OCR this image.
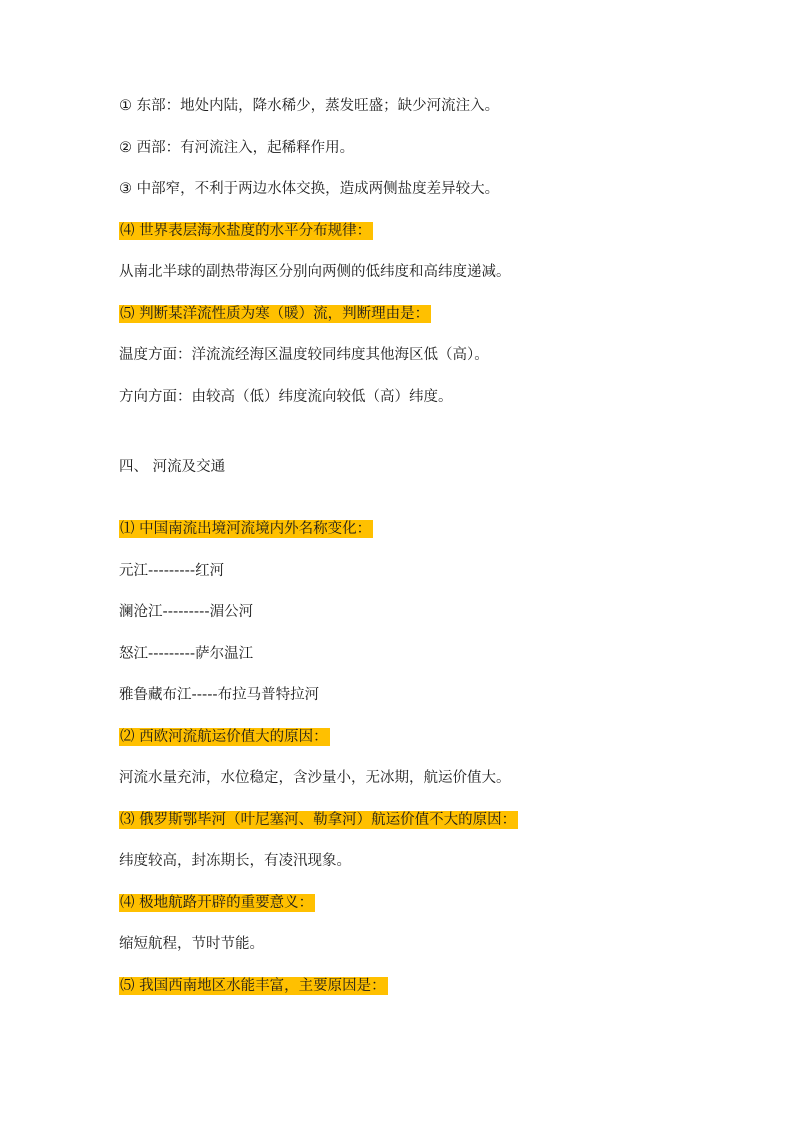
① 东部：地处内陆，降水稀少，蒸发旺盛；缺少河流注入。

② 西部：有河流注入，起稀释作用。

③ 中部窄，不利于两边水体交换，造成两侧盐度差异较大。

⑷ 世界表层海水盐度的水平分布规律：

从南北半球的副热带海区分别向两侧的低纬度和高纬度递减。

⑸ 判断某洋流性质为寒（暖）流，判断理由是：

温度方面：洋流流经海区温度较同纬度其他海区低（高）。

方向方面：由较高（低）纬度流向较低（高）纬度。

四、 河流及交通

⑴ 中国南流出境河流境内外名称变化：

元江---------红河

澜沧江---------湄公河

怒江---------萨尔温江

雅鲁藏布江-----布拉马普特拉河

⑵ 西欧河流航运价值大的原因：

河流水量充沛，水位稳定，含沙量小，无冰期，航运价值大。

⑶ 俄罗斯鄂毕河（叶尼塞河、勒拿河）航运价值不大的原因：

纬度较高，封冻期长，有凌汛现象。

⑷ 极地航路开辟的重要意义：

缩短航程，节时节能。

⑸ 我国西南地区水能丰富，主要原因是：
